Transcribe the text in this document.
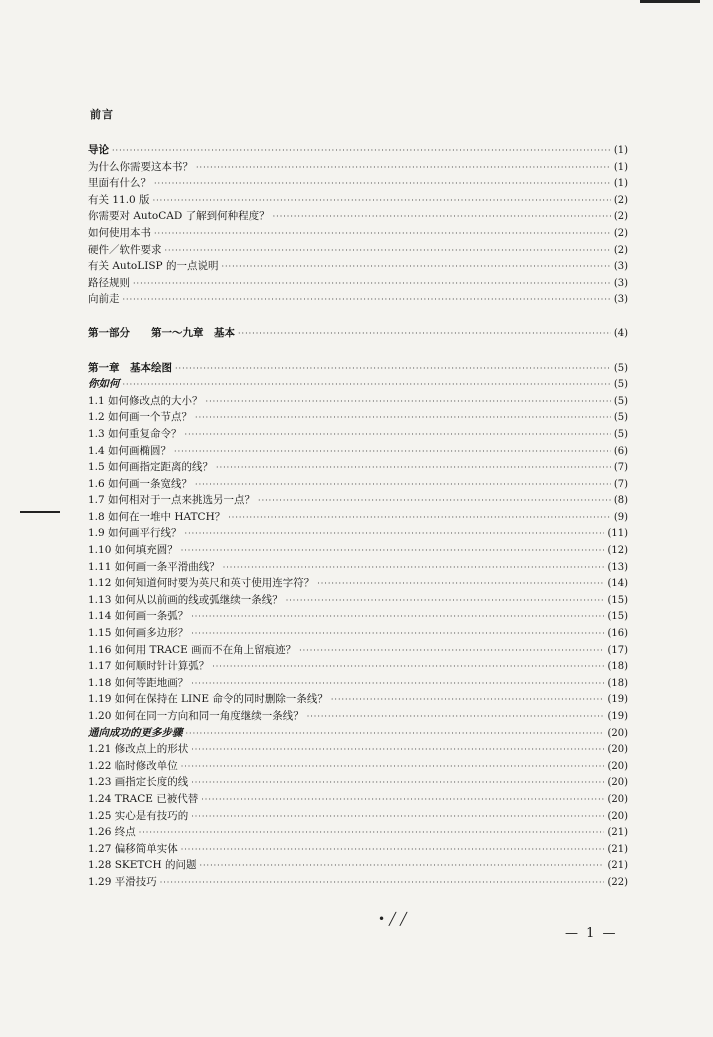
前言
导论 ·····	(1)
为什么你需要这本书？ ·····	(1)
里面有什么？ ·····	(1)
有关 11.0 版 ·····	(2)
你需要对 AutoCAD 了解到何种程度？ ·····	(2)
如何使用本书 ·····	(2)
硬件／软件要求 ·····	(2)
有关 AutoLISP 的一点说明 ·····	(3)
路径规则 ·····	(3)
向前走 ·····	(3)
第一部分　　第一～九章　基本 ·····	(4)
第一章　基本绘图 ·····	(5)
你如何 ·····	(5)
1.1 如何修改点的大小？ ·····	(5)
1.2 如何画一个节点？ ·····	(5)
1.3 如何重复命令？ ·····	(5)
1.4 如何画椭圆？ ·····	(6)
1.5 如何画指定距离的线？ ·····	(7)
1.6 如何画一条宽线？ ·····	(7)
1.7 如何相对于一点来挑选另一点？ ·····	(8)
1.8 如何在一堆中 HATCH？ ·····	(9)
1.9 如何画平行线？ ·····	(11)
1.10 如何填充圆？ ·····	(12)
1.11 如何画一条平滑曲线？ ·····	(13)
1.12 如何知道何时要为英尺和英寸使用连字符？ ·····	(14)
1.13 如何从以前画的线或弧继续一条线？ ·····	(15)
1.14 如何画一条弧？ ·····	(15)
1.15 如何画多边形？ ·····	(16)
1.16 如何用 TRACE 画而不在角上留痕迹？ ·····	(17)
1.17 如何顺时针计算弧？ ·····	(18)
1.18 如何等距地画？ ·····	(18)
1.19 如何在保持在 LINE 命令的同时删除一条线？ ·····	(19)
1.20 如何在同一方向和同一角度继续一条线？ ·····	(19)
通向成功的更多步骤 ·····	(20)
1.21 修改点上的形状 ·····	(20)
1.22 临时修改单位 ·····	(20)
1.23 画指定长度的线 ·····	(20)
1.24 TRACE 已被代替 ·····	(20)
1.25 实心是有技巧的 ·····	(20)
1.26 终点 ·····	(21)
1.27 偏移简单实体 ·····	(21)
1.28 SKETCH 的问题 ·····	(21)
1.29 平滑技巧 ·····	(22)
• ╱ ╱
— 1 —
